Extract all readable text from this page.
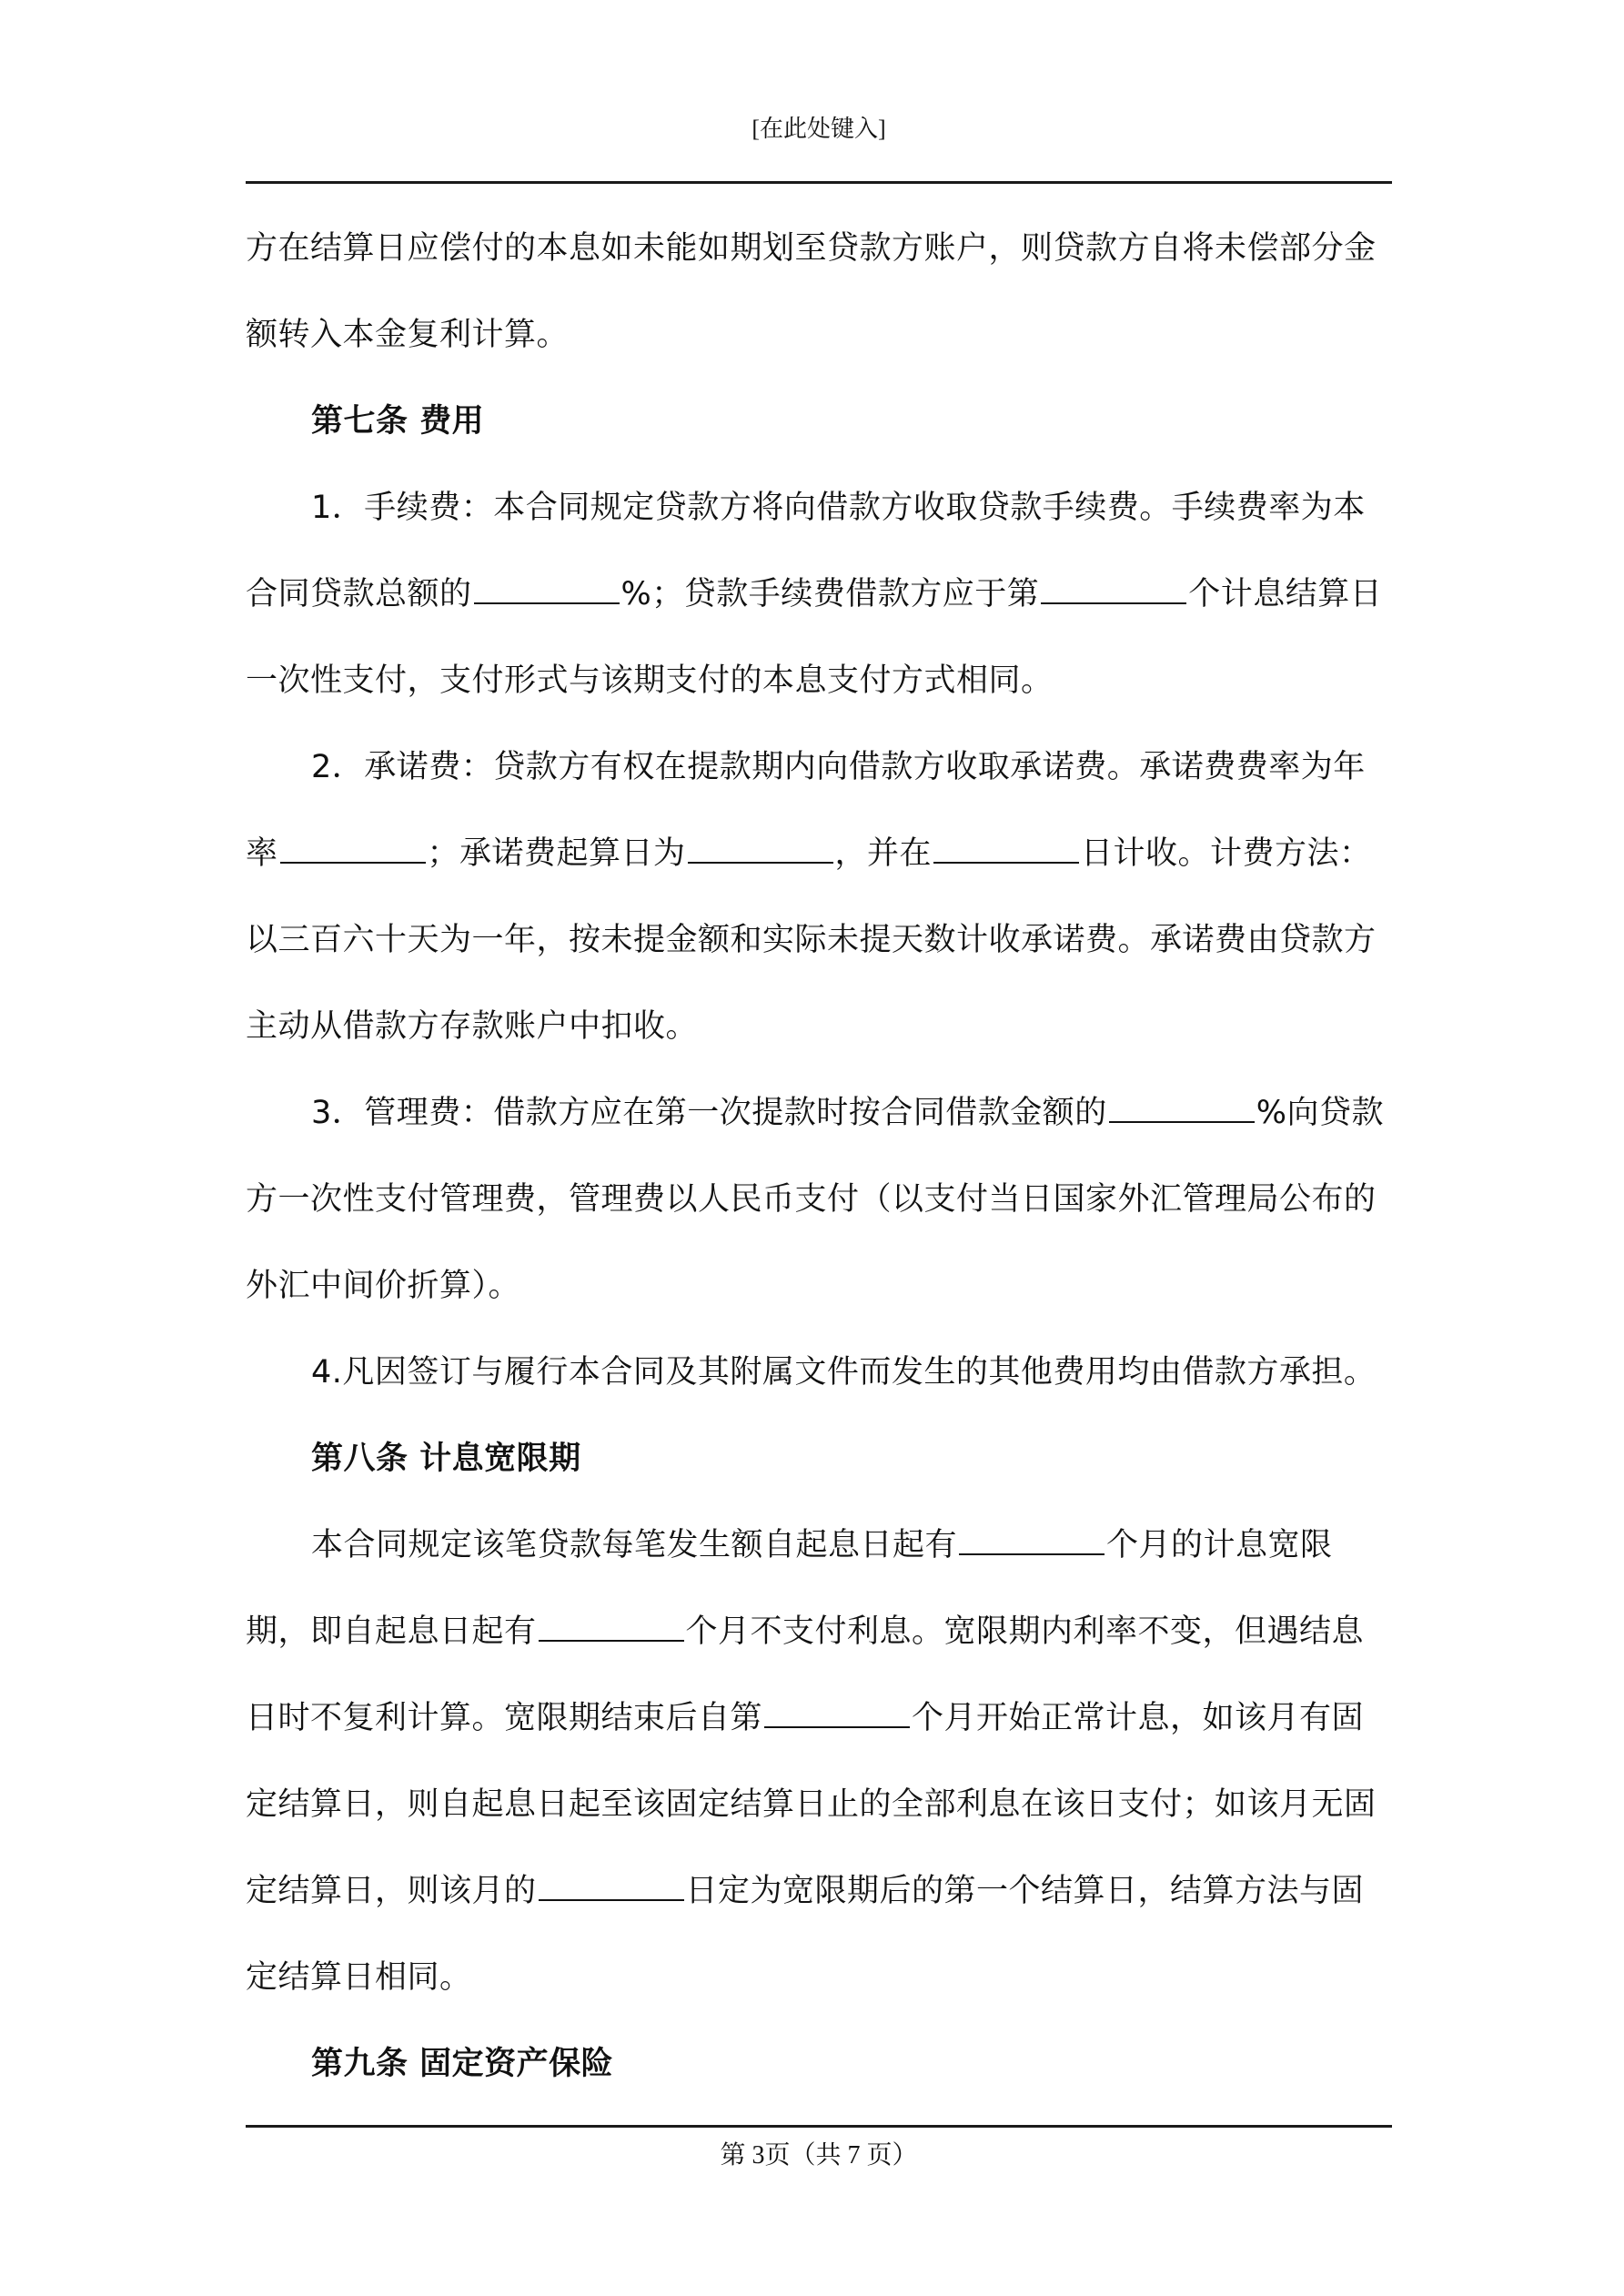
[在此处键入]

方在结算日应偿付的本息如未能如期划至贷款方账户，则贷款方自将未偿部分金额转入本金复利计算。

第七条 费用

1．手续费：本合同规定贷款方将向借款方收取贷款手续费。手续费率为本合同贷款总额的	%；贷款手续费借款方应于第	个计息结算日一次性支付，支付形式与该期支付的本息支付方式相同。

2．承诺费：贷款方有权在提款期内向借款方收取承诺费。承诺费费率为年率	；承诺费起算日为	，并在	日计收。计费方法：以三百六十天为一年，按未提金额和实际未提天数计收承诺费。承诺费由贷款方主动从借款方存款账户中扣收。

3．管理费：借款方应在第一次提款时按合同借款金额的	%向贷款方一次性支付管理费，管理费以人民币支付（以支付当日国家外汇管理局公布的外汇中间价折算）。

4.凡因签订与履行本合同及其附属文件而发生的其他费用均由借款方承担。

第八条 计息宽限期

本合同规定该笔贷款每笔发生额自起息日起有	个月的计息宽限期，即自起息日起有	个月不支付利息。宽限期内利率不变，但遇结息日时不复利计算。宽限期结束后自第	个月开始正常计息，如该月有固定结算日，则自起息日起至该固定结算日止的全部利息在该日支付；如该月无固定结算日，则该月的	日定为宽限期后的第一个结算日，结算方法与固定结算日相同。

第九条 固定资产保险

第 3页（共 7 页）
